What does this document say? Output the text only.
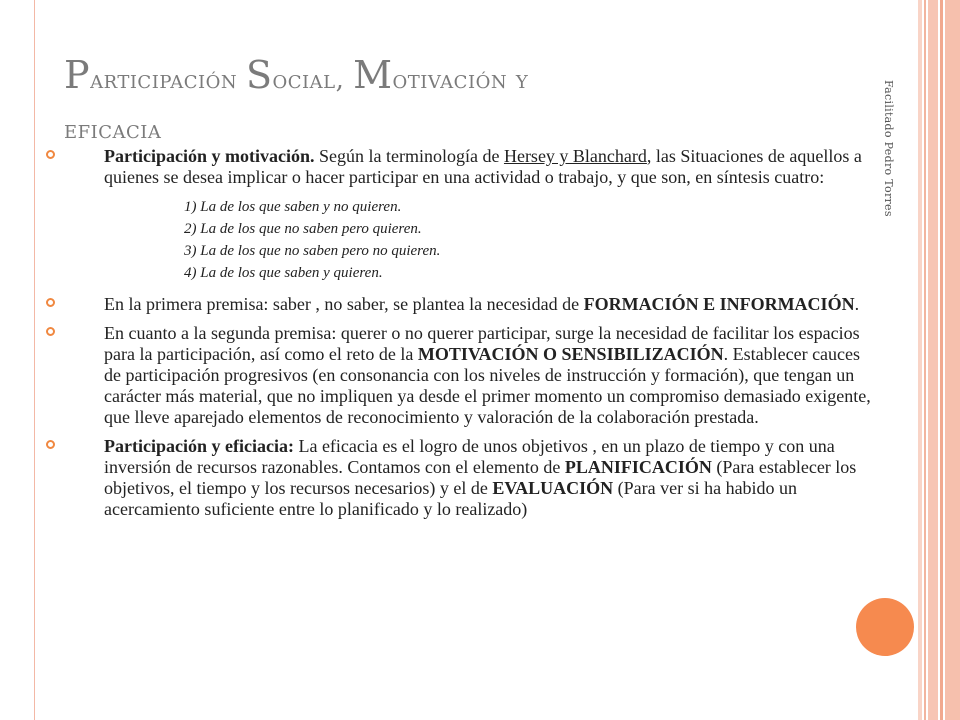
Participación Social, Motivación y
eficacia	Facilitado Pedro Torres
Participación y motivación. Según la terminología de Hersey y Blanchard, las Situaciones de aquellos a quienes se desea implicar o hacer participar en una actividad o trabajo, y que son, en síntesis cuatro:
1) La de los que saben y no quieren.
2) La de los que no saben pero quieren.
3) La de los que no saben pero no quieren.
4) La de los que saben y quieren.
En la primera premisa: saber , no saber, se plantea la necesidad de FORMACIÓN E INFORMACIÓN.
En cuanto a la segunda premisa: querer o no querer participar, surge la necesidad de facilitar los espacios para la participación, así como el reto de la MOTIVACIÓN O SENSIBILIZACIÓN. Establecer cauces de participación progresivos (en consonancia con los niveles de instrucción y formación), que tengan un carácter más material, que no impliquen ya desde el primer momento un compromiso demasiado exigente, que lleve aparejado elementos de reconocimiento y valoración de la colaboración prestada.
Participación y eficiacia: La eficacia es el logro de unos objetivos , en un plazo de tiempo y con una inversión de recursos razonables. Contamos con el elemento de PLANIFICACIÓN (Para establecer los objetivos, el tiempo y los recursos necesarios) y el de EVALUACIÓN (Para ver si ha habido un acercamiento suficiente entre lo planificado y lo realizado)
